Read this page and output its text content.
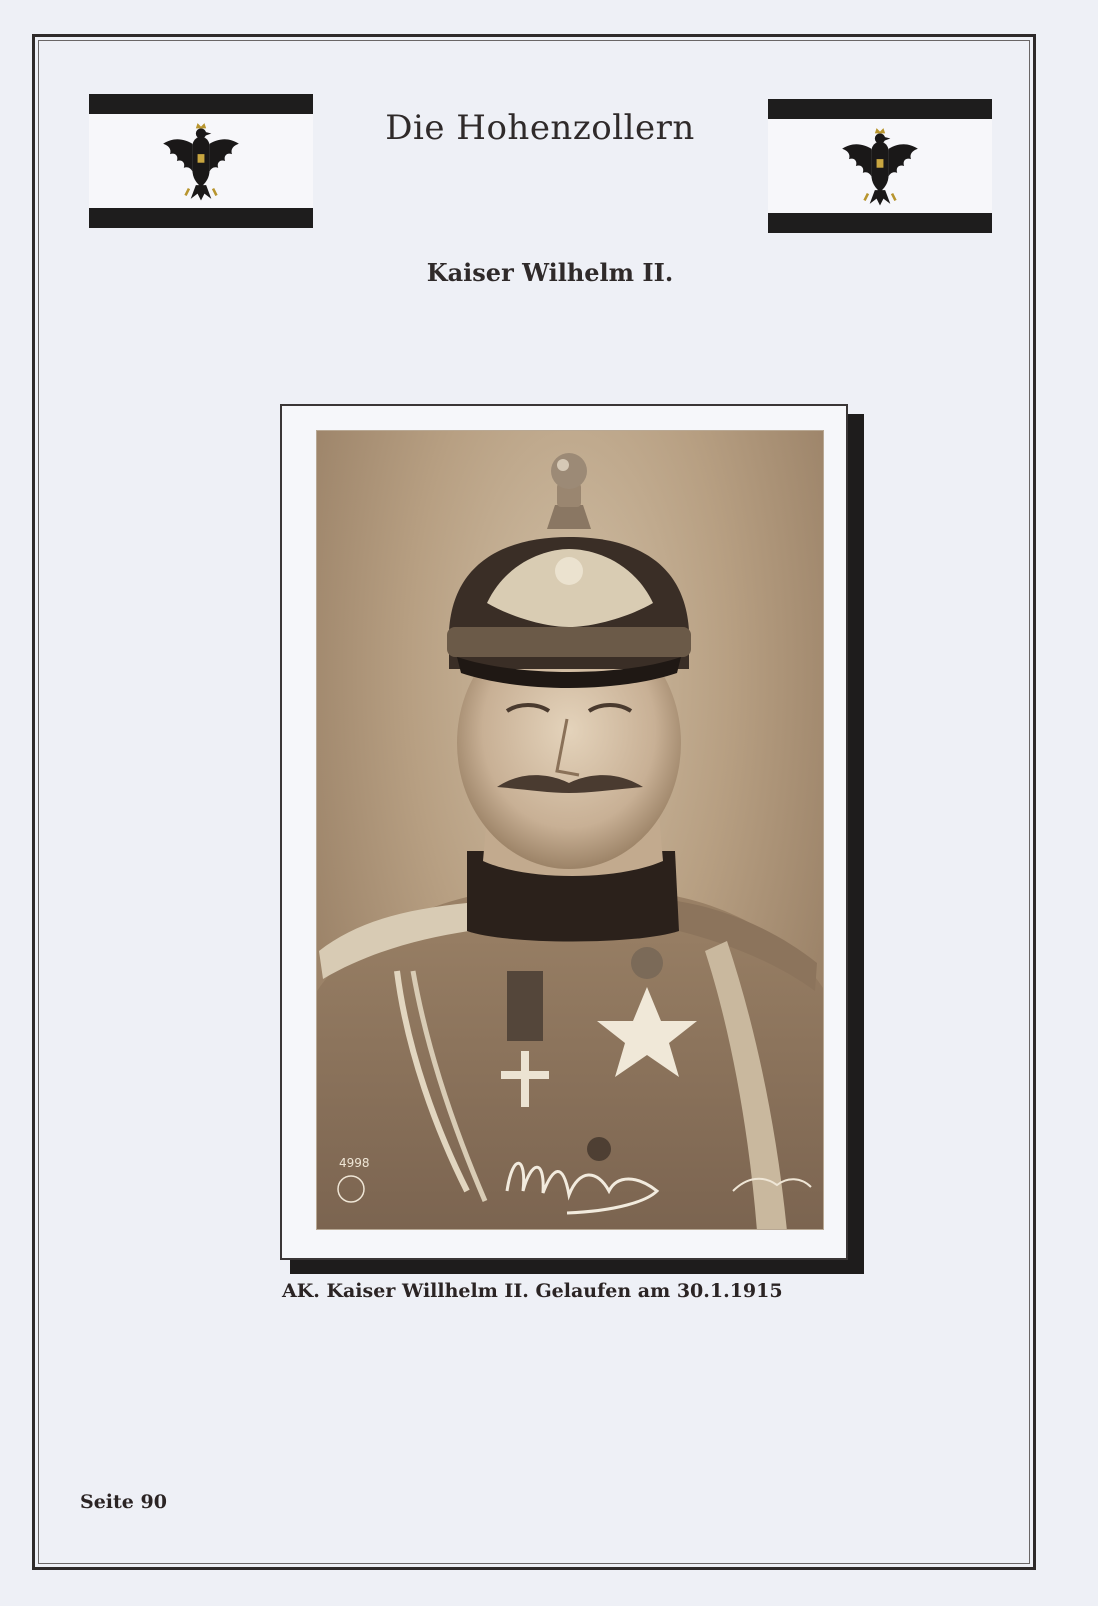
Die Hohenzollern
Kaiser Wilhelm II.
4998
AK. Kaiser Willhelm II. Gelaufen am 30.1.1915
Seite 90
